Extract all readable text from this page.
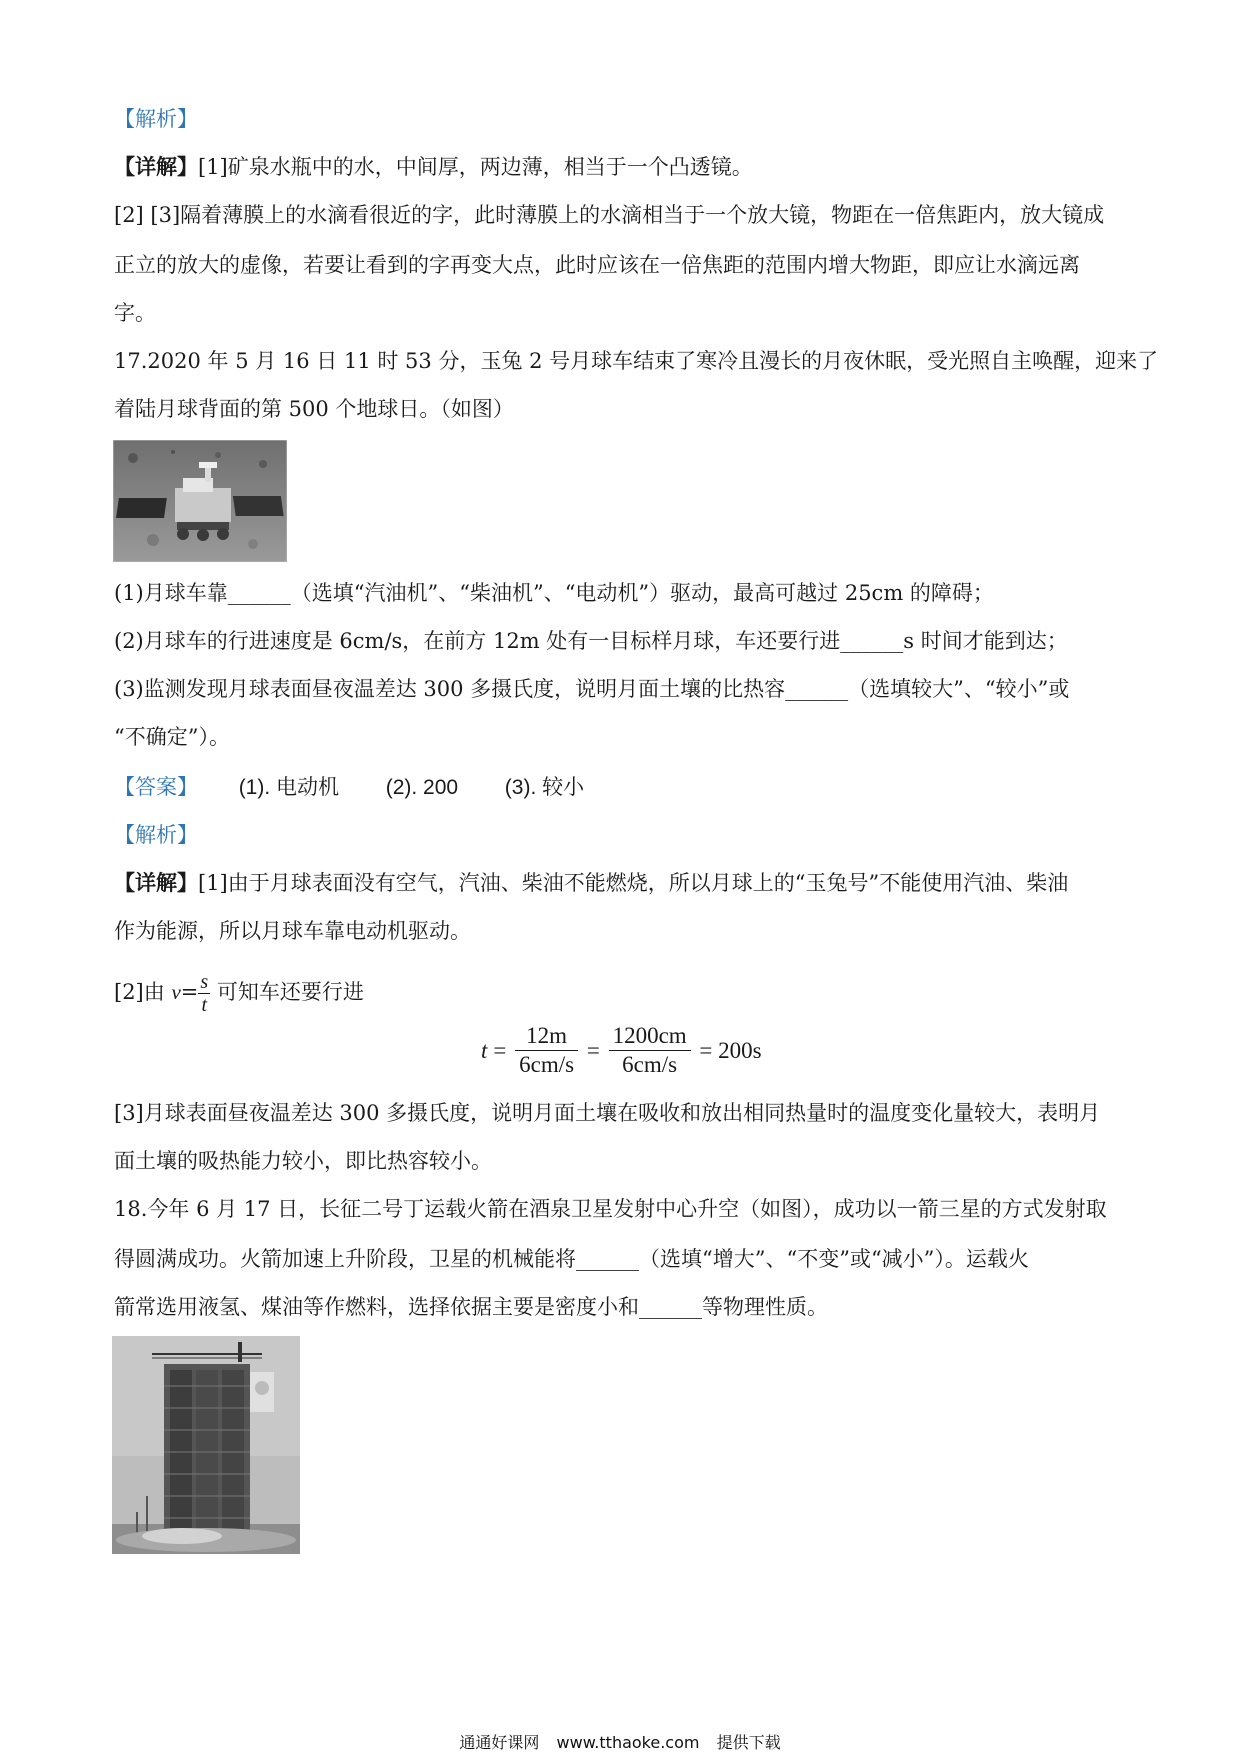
【解析】
【详解】[1]矿泉水瓶中的水，中间厚，两边薄，相当于一个凸透镜。
[2] [3]隔着薄膜上的水滴看很近的字，此时薄膜上的水滴相当于一个放大镜，物距在一倍焦距内，放大镜成
正立的放大的虚像，若要让看到的字再变大点，此时应该在一倍焦距的范围内增大物距，即应让水滴远离
字。
17.2020 年 5 月 16 日 11 时 53 分，玉兔 2 号月球车结束了寒冷且漫长的月夜休眠，受光照自主唤醒，迎来了
着陆月球背面的第 500 个地球日。（如图）
(1)月球车靠______（选填“汽油机”、“柴油机”、“电动机”）驱动，最高可越过 25cm 的障碍；
(2)月球车的行进速度是 6cm/s，在前方 12m 处有一目标样月球，车还要行进______s 时间才能到达；
(3)监测发现月球表面昼夜温差达 300 多摄氏度，说明月面土壤的比热容______（选填较大”、“较小”或
“不确定”）。
【答案】 (1). 电动机 (2). 200 (3). 较小
【解析】
【详解】[1]由于月球表面没有空气，汽油、柴油不能燃烧，所以月球上的“玉兔号”不能使用汽油、柴油
作为能源，所以月球车靠电动机驱动。
[2]由 $v= \frac{s}{t}$ 可知车还要行进
$t = \frac{12m}{6cm/s} = \frac{1200cm}{6cm/s} = 200s$
[3]月球表面昼夜温差达 300 多摄氏度，说明月面土壤在吸收和放出相同热量时的温度变化量较大，表明月
面土壤的吸热能力较小，即比热容较小。
18.今年 6 月 17 日，长征二号丁运载火箭在酒泉卫星发射中心升空（如图），成功以一箭三星的方式发射取
得圆满成功。火箭加速上升阶段，卫星的机械能将______（选填“增大”、“不变”或“减小”）。运载火
箭常选用液氢、煤油等作燃料，选择依据主要是密度小和______等物理性质。
通通好课网 www.tthaoke.com 提供下载
